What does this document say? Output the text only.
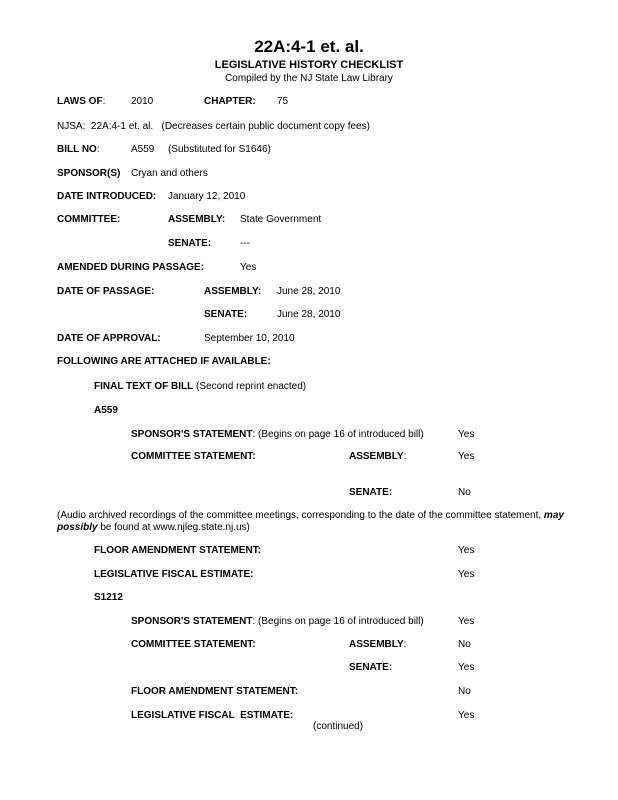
22A:4-1 et. al.
LEGISLATIVE HISTORY CHECKLIST
Compiled by the NJ State Law Library
LAWS OF:	2010	CHAPTER: 75
NJSA:  22A:4-1 et. al.   (Decreases certain public document copy fees)
BILL NO:	A559 (Substituted for S1646)
SPONSOR(S) Cryan and others
DATE INTRODUCED: January 12, 2010
COMMITTEE:	ASSEMBLY: State Government
SENATE:	---
AMENDED DURING PASSAGE:	Yes
DATE OF PASSAGE:	ASSEMBLY: June 28, 2010
SENATE:	June 28, 2010
DATE OF APPROVAL:	September 10, 2010
FOLLOWING ARE ATTACHED IF AVAILABLE:
FINAL TEXT OF BILL (Second reprint enacted)
A559
SPONSOR'S STATEMENT: (Begins on page 16 of introduced bill)	Yes
COMMITTEE STATEMENT:	ASSEMBLY:	Yes
SENATE:	No
(Audio archived recordings of the committee meetings, corresponding to the date of the committee statement, may possibly be found at www.njleg.state.nj.us)
FLOOR AMENDMENT STATEMENT:	Yes
LEGISLATIVE FISCAL ESTIMATE:	Yes
S1212
SPONSOR'S STATEMENT: (Begins on page 16 of introduced bill)	Yes
COMMITTEE STATEMENT:	ASSEMBLY:	No
SENATE:	Yes
FLOOR AMENDMENT STATEMENT:	No
LEGISLATIVE FISCAL  ESTIMATE:	Yes
(continued)
